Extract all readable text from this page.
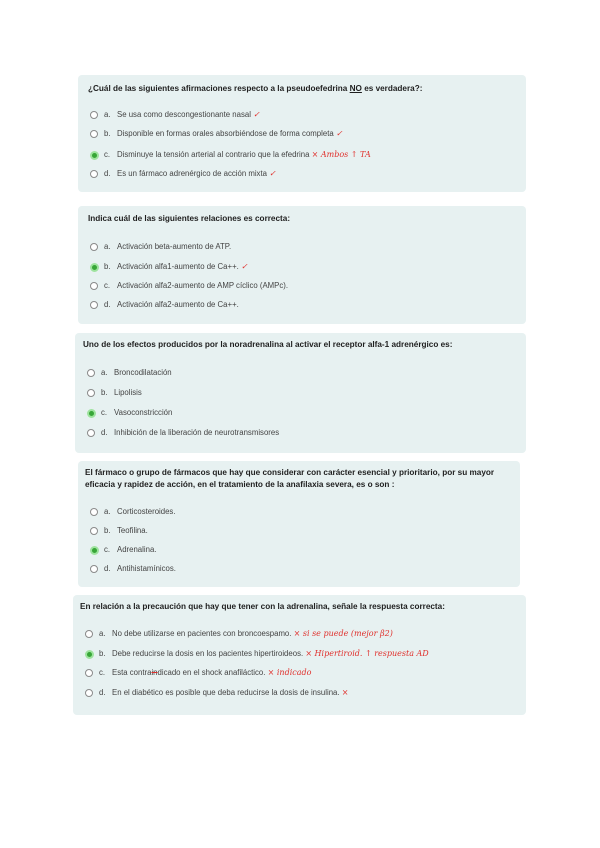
¿Cuál de las siguientes afirmaciones respecto a la pseudoefedrina NO es verdadera?:
a. Se usa como descongestionante nasal ✓
b. Disponible en formas orales absorbiéndose de forma completa ✓
c. Disminuye la tensión arterial al contrario que la efedrina × Ambos ↑ TA
d. Es un fármaco adrenérgico de acción mixta ✓
Indica cuál de las siguientes relaciones es correcta:
a. Activación beta-aumento de ATP.
b. Activación alfa1-aumento de Ca++. ✓
c. Activación alfa2-aumento de AMP cíclico (AMPc).
d. Activación alfa2-aumento de Ca++.
Uno de los efectos producidos por la noradrenalina al activar el receptor alfa-1 adrenérgico es:
a. Broncodilatación
b. Lipolisis
c. Vasoconstricción
d. Inhibición de la liberación de neurotransmisores
El fármaco o grupo de fármacos que hay que considerar con carácter esencial y prioritario, por su mayor
eficacia y rapidez de acción, en el tratamiento de la anafilaxia severa, es o son :
a. Corticosteroides.
b. Teofilina.
c. Adrenalina.
d. Antihistamínicos.
En relación a la precaución que hay que tener con la adrenalina, señale la respuesta correcta:
a. No debe utilizarse en pacientes con broncoespamo. × si se puede (mejor β2)
b. Debe reducirse la dosis en los pacientes hipertiroideos. × Hipertiroid. ↑ respuesta AD
c. Esta contraindicado en el shock anafiláctico. × indicado
d. En el diabético es posible que deba reducirse la dosis de insulina. ×
